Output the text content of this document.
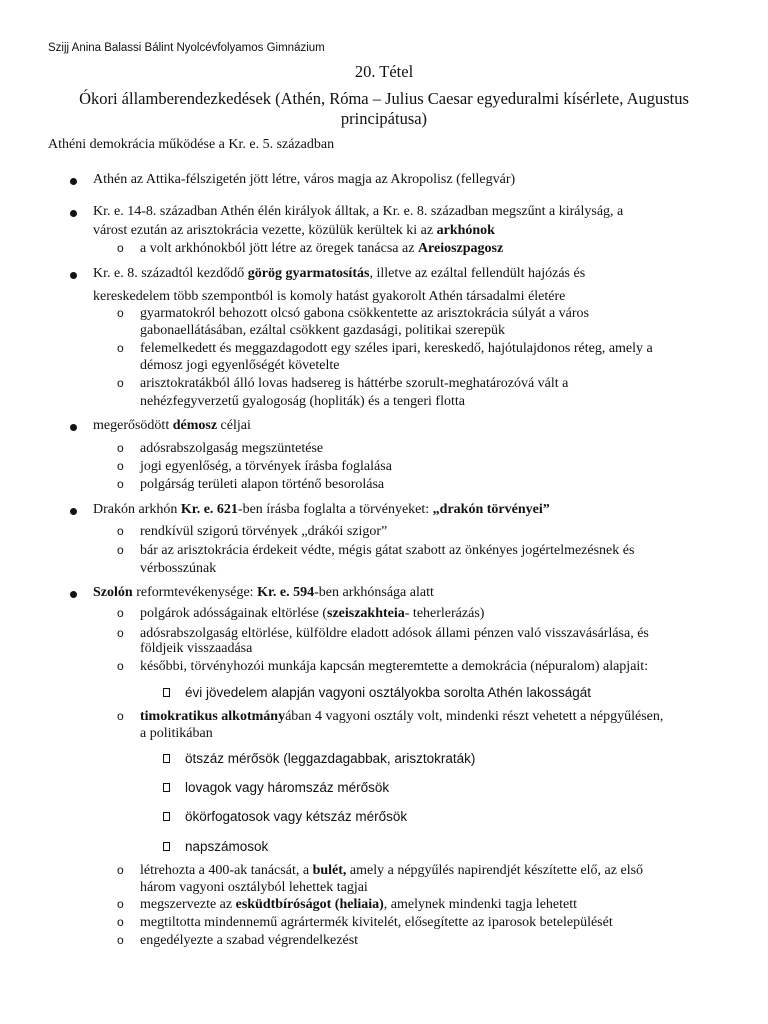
Szijj Anina Balassi Bálint Nyolcévfolyamos Gimnázium
20. Tétel
Ókori államberendezkedések (Athén, Róma – Julius Caesar egyeduralmi kísérlete, Augustus
principátusa)
Athéni demokrácia működése a Kr. e. 5. században
Athén az Attika-félszigetén jött létre, város magja az Akropolisz (fellegvár)
Kr. e. 14-8. században Athén élén királyok álltak, a Kr. e. 8. században megszűnt a királyság, a
várost ezután az arisztokrácia vezette, közülük kerültek ki az arkhónok
o a volt arkhónokból jött létre az öregek tanácsa az Areioszpagosz
Kr. e. 8. századtól kezdődő görög gyarmatosítás, illetve az ezáltal fellendült hajózás és
kereskedelem több szempontból is komoly hatást gyakorolt Athén társadalmi életére
o gyarmatokról behozott olcsó gabona csökkentette az arisztokrácia súlyát a város
gabonaellátásában, ezáltal csökkent gazdasági, politikai szerepük
o felemelkedett és meggazdagodott egy széles ipari, kereskedő, hajótulajdonos réteg, amely a
démosz jogi egyenlőségét követelte
o arisztokratákból álló lovas hadsereg is háttérbe szorult-meghatározóvá vált a
nehézfegyverzetű gyalogoság (hopliták) és a tengeri flotta
megerősödött démosz céljai
o adósrabszolgaság megszüntetése
o jogi egyenlőség, a törvények írásba foglalása
o polgárság területi alapon történő besorolása
Drakón arkhón Kr. e. 621-ben írásba foglalta a törvényeket: „drakón törvényei”
o rendkívül szigorú törvények „drákói szigor”
o bár az arisztokrácia érdekeit védte, mégis gátat szabott az önkényes jogértelmezésnek és
vérbosszúnak
Szolón reformtevékenysége: Kr. e. 594-ben arkhónsága alatt
o polgárok adósságainak eltörlése (szeiszakhteia- teherlerázás)
o adósrabszolgaság eltörlése, külföldre eladott adósok állami pénzen való visszavásárlása, és
földjeik visszaadása
o későbbi, törvényhozói munkája kapcsán megteremtette a demokrácia (népuralom) alapjait:
évi jövedelem alapján vagyoni osztályokba sorolta Athén lakosságát
o timokratikus alkotmányában 4 vagyoni osztály volt, mindenki részt vehetett a népgyűlésen,
a politikában
ötszáz mérősök (leggazdagabbak, arisztokraták)
lovagok vagy háromszáz mérősök
ökörfogatosok vagy kétszáz mérősök
napszámosok
o létrehozta a 400-ak tanácsát, a bulét, amely a népgyűlés napirendjét készítette elő, az első
három vagyoni osztályból lehettek tagjai
o megszervezte az esküdtbíróságot (heliaia), amelynek mindenki tagja lehetett
o megtiltotta mindennemű agrártermék kivitelét, elősegítette az iparosok betelepülését
o engedélyezte a szabad végrendelkezést
